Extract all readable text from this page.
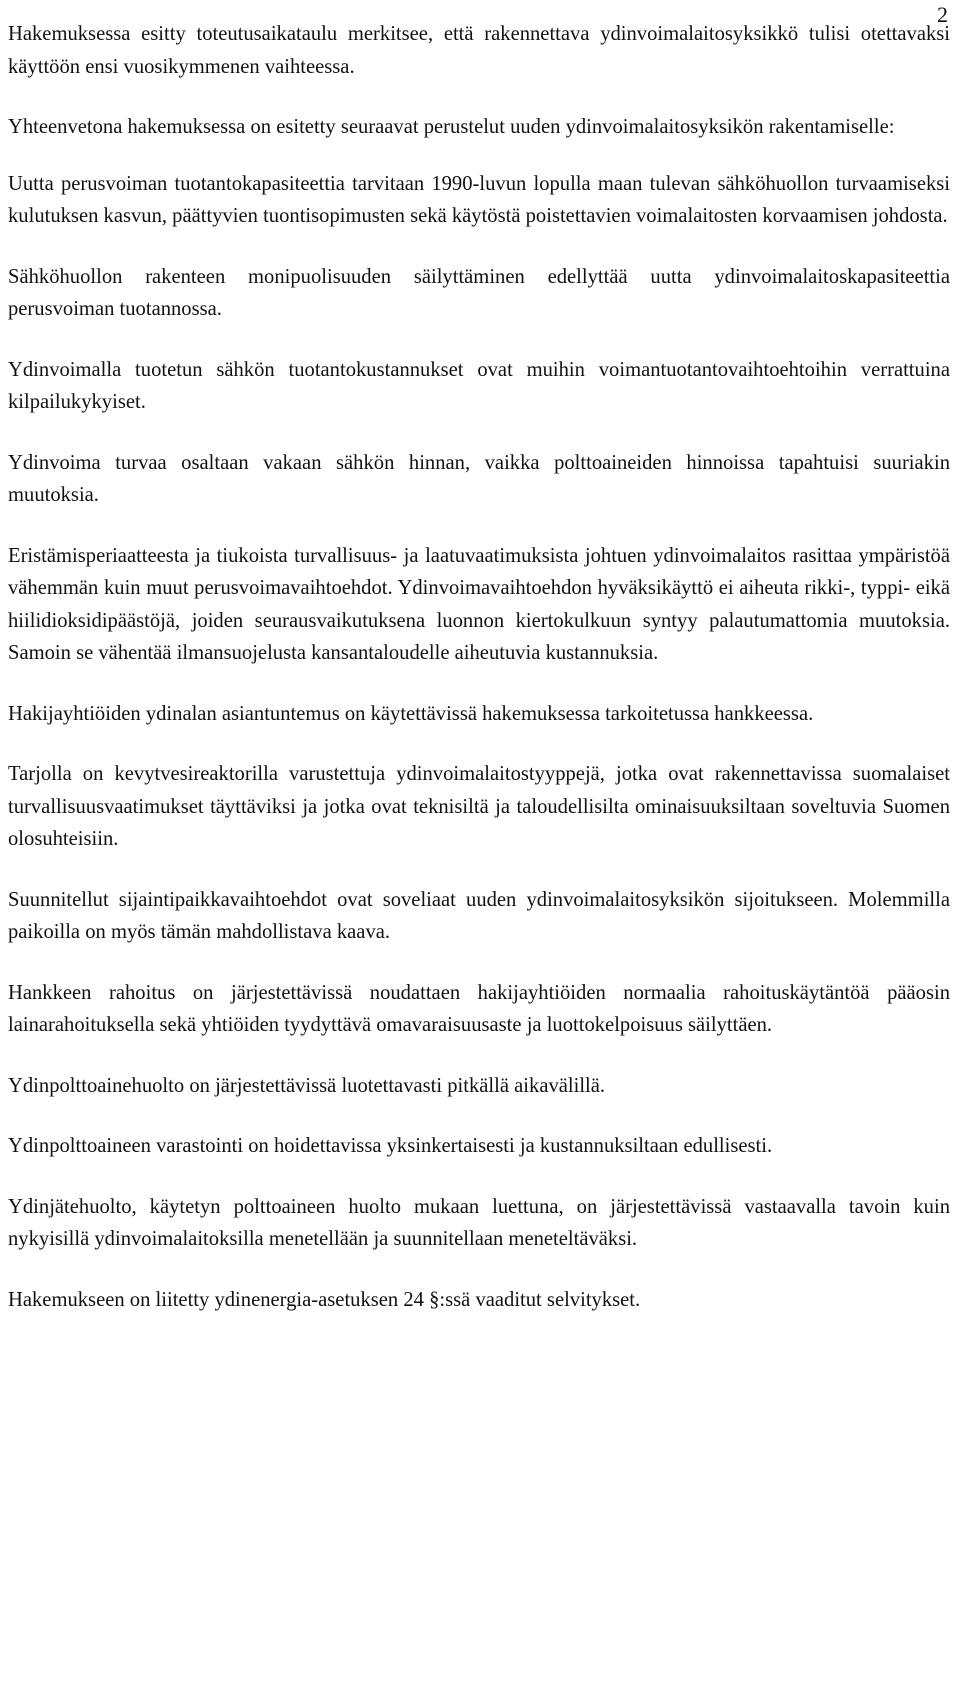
2

Hakemuksessa esitty toteutusaikataulu merkitsee, että rakennettava ydinvoimalaitosyksikkö tulisi otettavaksi käyttöön ensi vuosikymmenen vaihteessa.

Yhteenvetona hakemuksessa on esitetty seuraavat perustelut uuden ydinvoimalaitosyksikön rakentamiselle:

Uutta perusvoiman tuotantokapasiteettia tarvitaan 1990-luvun lopulla maan tulevan sähköhuollon turvaamiseksi kulutuksen kasvun, päättyvien tuontisopimusten sekä käytöstä poistettavien voimalaitosten korvaamisen johdosta.

Sähköhuollon rakenteen monipuolisuuden säilyttäminen edellyttää uutta ydinvoimalaitoskapasiteettia perusvoiman tuotannossa.

Ydinvoimalla tuotetun sähkön tuotantokustannukset ovat muihin voimantuotantovaihtoehtoihin verrattuina kilpailukykyiset.

Ydinvoima turvaa osaltaan vakaan sähkön hinnan, vaikka polttoaineiden hinnoissa tapahtuisi suuriakin muutoksia.

Eristämisperiaatteesta ja tiukoista turvallisuus- ja laatuvaatimuksista johtuen ydinvoimalaitos rasittaa ympäristöä vähemmän kuin muut perusvoimavaihtoehdot. Ydinvoimavaihtoehdon hyväksikäyttö ei aiheuta rikki-, typpi- eikä hiilidioksidipäästöjä, joiden seurausvaikutuksena luonnon kiertokulkuun syntyy palautumattomia muutoksia. Samoin se vähentää ilmansuojelusta kansantaloudelle aiheutuvia kustannuksia.

Hakijayhtiöiden ydinalan asiantuntemus on käytettävissä hakemuksessa tarkoitetussa hankkeessa.

Tarjolla on kevytvesireaktorilla varustettuja ydinvoimalaitostyyppejä, jotka ovat rakennettavissa suomalaiset turvallisuusvaatimukset täyttäviksi ja jotka ovat teknisiltä ja taloudellisilta ominaisuuksiltaan soveltuvia Suomen olosuhteisiin.

Suunnitellut sijaintipaikkavaihtoehdot ovat soveliaat uuden ydinvoimalaitosyksikön sijoitukseen. Molemmilla paikoilla on myös tämän mahdollistava kaava.

Hankkeen rahoitus on järjestettävissä noudattaen hakijayhtiöiden normaalia rahoituskäytäntöä pääosin lainarahoituksella sekä yhtiöiden tyydyttävä omavaraisuusaste ja luottokelpoisuus säilyttäen.

Ydinpolttoainehuolto on järjestettävissä luotettavasti pitkällä aikavälillä.

Ydinpolttoaineen varastointi on hoidettavissa yksinkertaisesti ja kustannuksiltaan edullisesti.

Ydinjätehuolto, käytetyn polttoaineen huolto mukaan luettuna, on järjestettävissä vastaavalla tavoin kuin nykyisillä ydinvoimalaitoksilla menetellään ja suunnitellaan meneteltäväksi.

Hakemukseen on liitetty ydinenergia-asetuksen 24 §:ssä vaaditut selvitykset.
